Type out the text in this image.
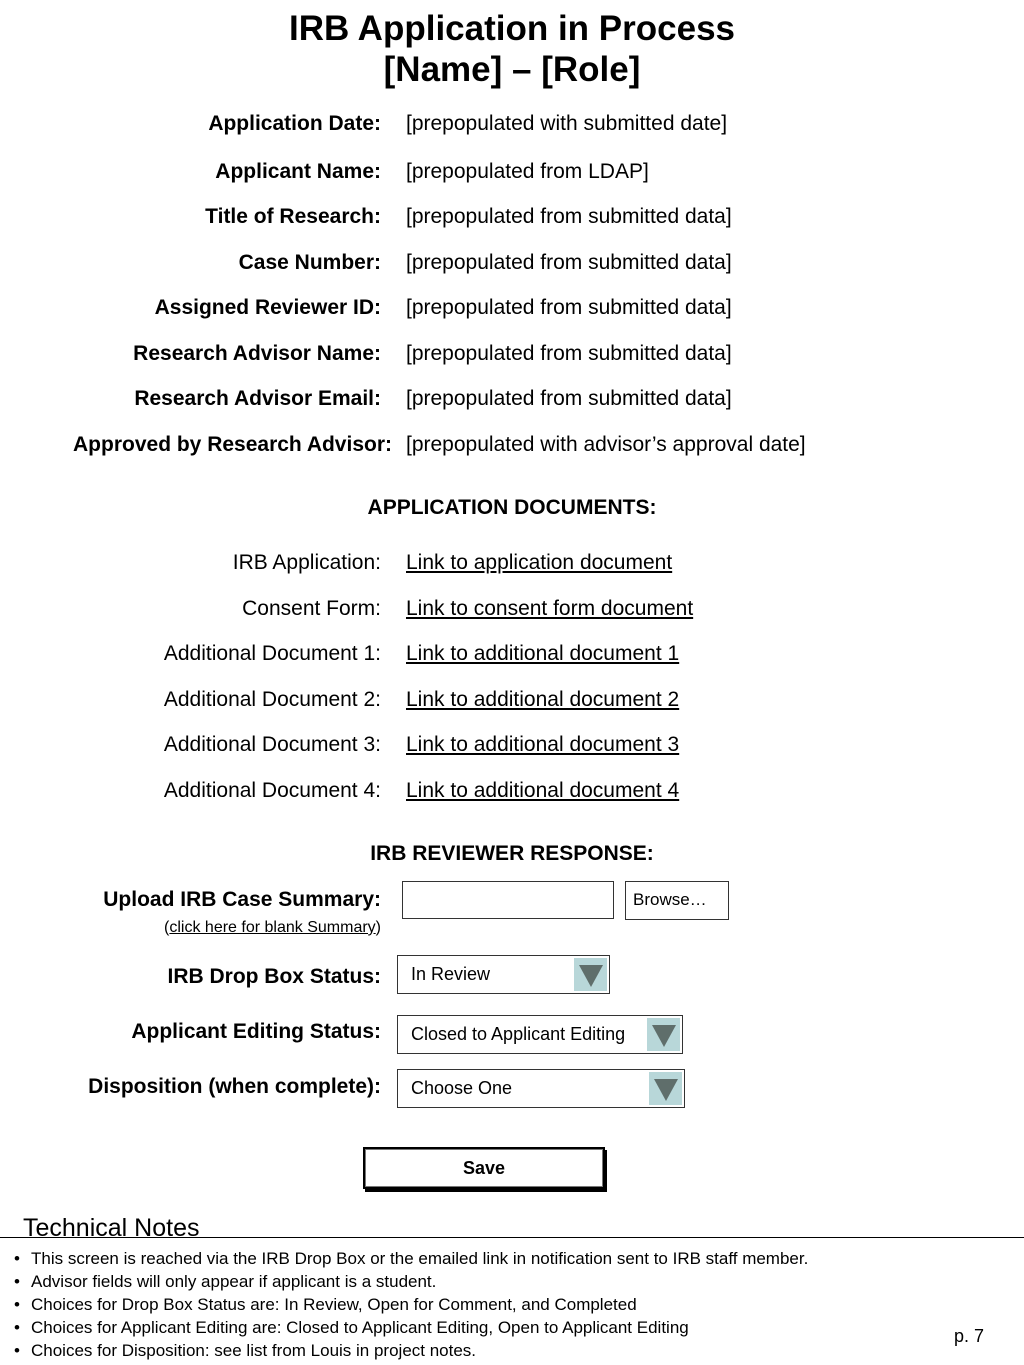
IRB Application in Process
[Name] – [Role]
Application Date: [prepopulated with submitted date]
Applicant Name: [prepopulated from LDAP]
Title of Research: [prepopulated from submitted data]
Case Number: [prepopulated from submitted data]
Assigned Reviewer ID: [prepopulated from submitted data]
Research Advisor Name: [prepopulated from submitted data]
Research Advisor Email: [prepopulated from submitted data]
Approved by Research Advisor: [prepopulated with advisor’s approval date]
APPLICATION DOCUMENTS:
IRB Application: Link to application document
Consent Form: Link to consent form document
Additional Document 1: Link to additional document 1
Additional Document 2: Link to additional document 2
Additional Document 3: Link to additional document 3
Additional Document 4: Link to additional document 4
IRB REVIEWER RESPONSE:
Upload IRB Case Summary:
(click here for blank Summary)
Browse…
IRB Drop Box Status: In Review
Applicant Editing Status: Closed to Applicant Editing
Disposition (when complete): Choose One
Save
Technical Notes
• This screen is reached via the IRB Drop Box or the emailed link in notification sent to IRB staff member.
• Advisor fields will only appear if applicant is a student.
• Choices for Drop Box Status are: In Review, Open for Comment, and Completed
• Choices for Applicant Editing are: Closed to Applicant Editing, Open to Applicant Editing
• Choices for Disposition: see list from Louis in project notes.
p. 7
